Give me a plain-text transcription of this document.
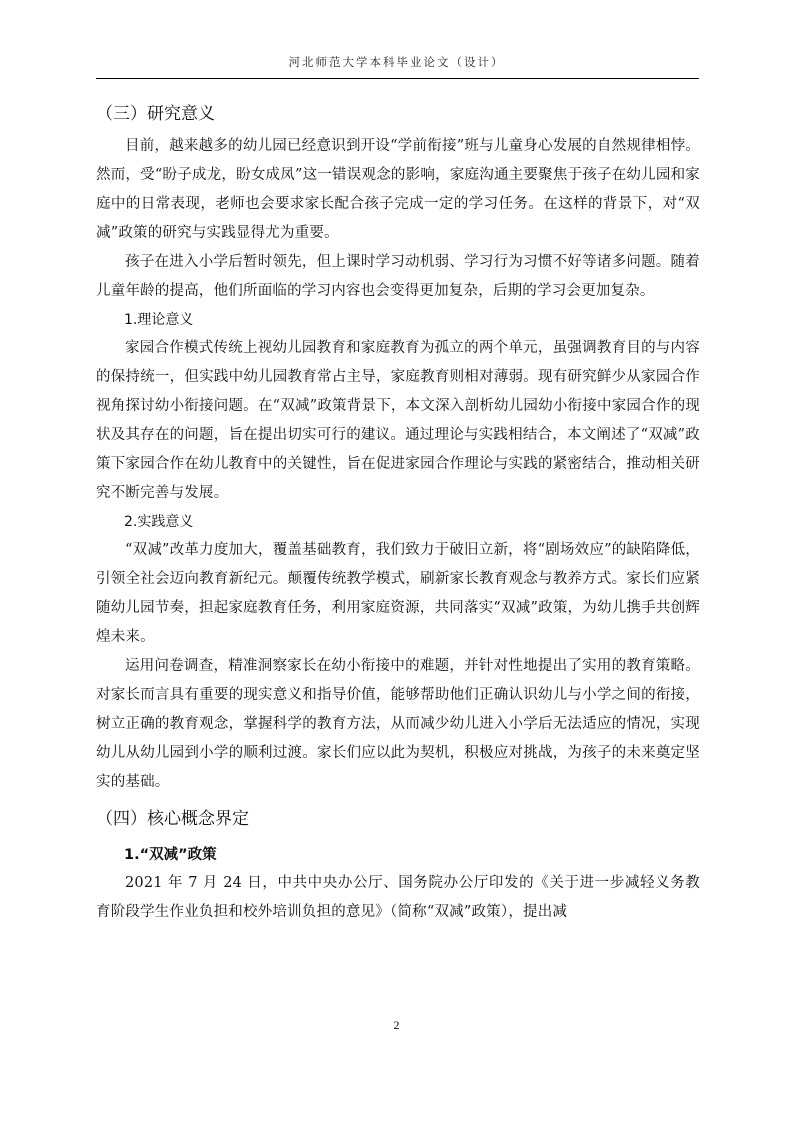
河北师范大学本科毕业论文（设计）
（三）研究意义

目前，越来越多的幼儿园已经意识到开设“学前衔接”班与儿童身心发展的自然规律相悖。然而，受“盼子成龙，盼女成凤”这一错误观念的影响，家庭沟通主要聚焦于孩子在幼儿园和家庭中的日常表现，老师也会要求家长配合孩子完成一定的学习任务。在这样的背景下，对“双减”政策的研究与实践显得尤为重要。

孩子在进入小学后暂时领先，但上课时学习动机弱、学习行为习惯不好等诸多问题。随着儿童年龄的提高，他们所面临的学习内容也会变得更加复杂，后期的学习会更加复杂。

1.理论意义

家园合作模式传统上视幼儿园教育和家庭教育为孤立的两个单元，虽强调教育目的与内容的保持统一，但实践中幼儿园教育常占主导，家庭教育则相对薄弱。现有研究鲜少从家园合作视角探讨幼小衔接问题。在“双减”政策背景下，本文深入剖析幼儿园幼小衔接中家园合作的现状及其存在的问题，旨在提出切实可行的建议。通过理论与实践相结合，本文阐述了“双减”政策下家园合作在幼儿教育中的关键性，旨在促进家园合作理论与实践的紧密结合，推动相关研究不断完善与发展。

2.实践意义

“双减”改革力度加大，覆盖基础教育，我们致力于破旧立新，将“剧场效应”的缺陷降低，引领全社会迈向教育新纪元。颠覆传统教学模式，刷新家长教育观念与教养方式。家长们应紧随幼儿园节奏，担起家庭教育任务，利用家庭资源，共同落实“双减”政策，为幼儿携手共创辉煌未来。

运用问卷调查，精准洞察家长在幼小衔接中的难题，并针对性地提出了实用的教育策略。对家长而言具有重要的现实意义和指导价值，能够帮助他们正确认识幼儿与小学之间的衔接，树立正确的教育观念，掌握科学的教育方法，从而减少幼儿进入小学后无法适应的情况，实现幼儿从幼儿园到小学的顺利过渡。家长们应以此为契机，积极应对挑战，为孩子的未来奠定坚实的基础。

（四）核心概念界定
1.“双减”政策

2021 年 7 月 24 日，中共中央办公厅、国务院办公厅印发的《关于进一步减轻义务教育阶段学生作业负担和校外培训负担的意见》（简称“双减”政策），提出减

2
